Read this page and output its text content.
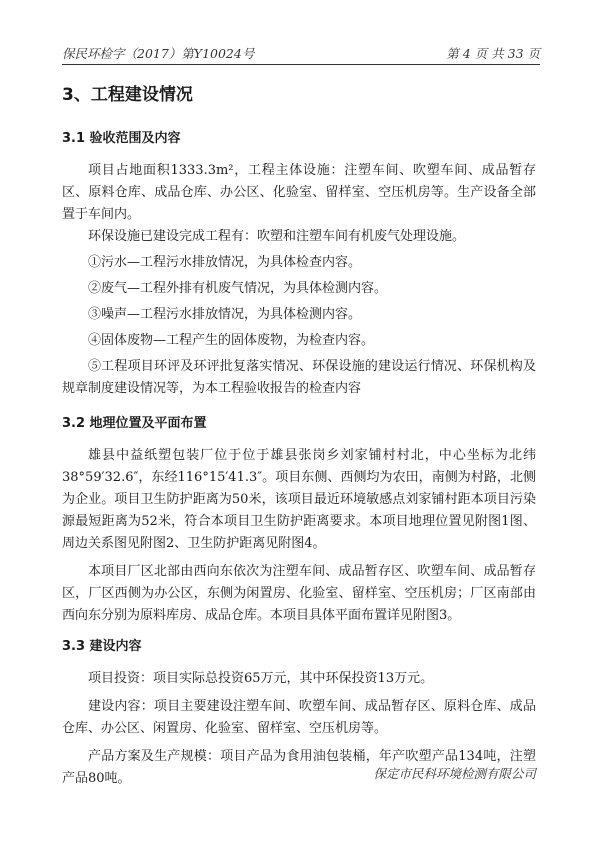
保民环检字（2017）第Y10024号	第 4 页 共 33 页
3、工程建设情况
3.1 验收范围及内容

项目占地面积1333.3m²，工程主体设施：注塑车间、吹塑车间、成品暂存区、原料仓库、成品仓库、办公区、化验室、留样室、空压机房等。生产设备全部置于车间内。

环保设施已建设完成工程有：吹塑和注塑车间有机废气处理设施。

①污水—工程污水排放情况，为具体检查内容。

②废气—工程外排有机废气情况，为具体检测内容。

③噪声—工程污水排放情况，为具体检测内容。

④固体废物—工程产生的固体废物，为检查内容。

⑤工程项目环评及环评批复落实情况、环保设施的建设运行情况、环保机构及规章制度建设情况等，为本工程验收报告的检查内容

3.2 地理位置及平面布置

雄县中益纸塑包装厂位于位于雄县张岗乡刘家铺村村北，中心坐标为北纬38°59′32.6″，东经116°15′41.3″。项目东侧、西侧均为农田，南侧为村路，北侧为企业。项目卫生防护距离为50米，该项目最近环境敏感点刘家铺村距本项目污染源最短距离为52米，符合本项目卫生防护距离要求。本项目地理位置见附图1图、周边关系图见附图2、卫生防护距离见附图4。

本项目厂区北部由西向东依次为注塑车间、成品暂存区、吹塑车间、成品暂存区，厂区西侧为办公区，东侧为闲置房、化验室、留样室、空压机房；厂区南部由西向东分别为原料库房、成品仓库。本项目具体平面布置详见附图3。

3.3 建设内容

项目投资：项目实际总投资65万元，其中环保投资13万元。

建设内容：项目主要建设注塑车间、吹塑车间、成品暂存区、原料仓库、成品仓库、办公区、闲置房、化验室、留样室、空压机房等。

产品方案及生产规模：项目产品为食用油包装桶，年产吹塑产品134吨，注塑产品80吨。	保定市民科环境检测有限公司
